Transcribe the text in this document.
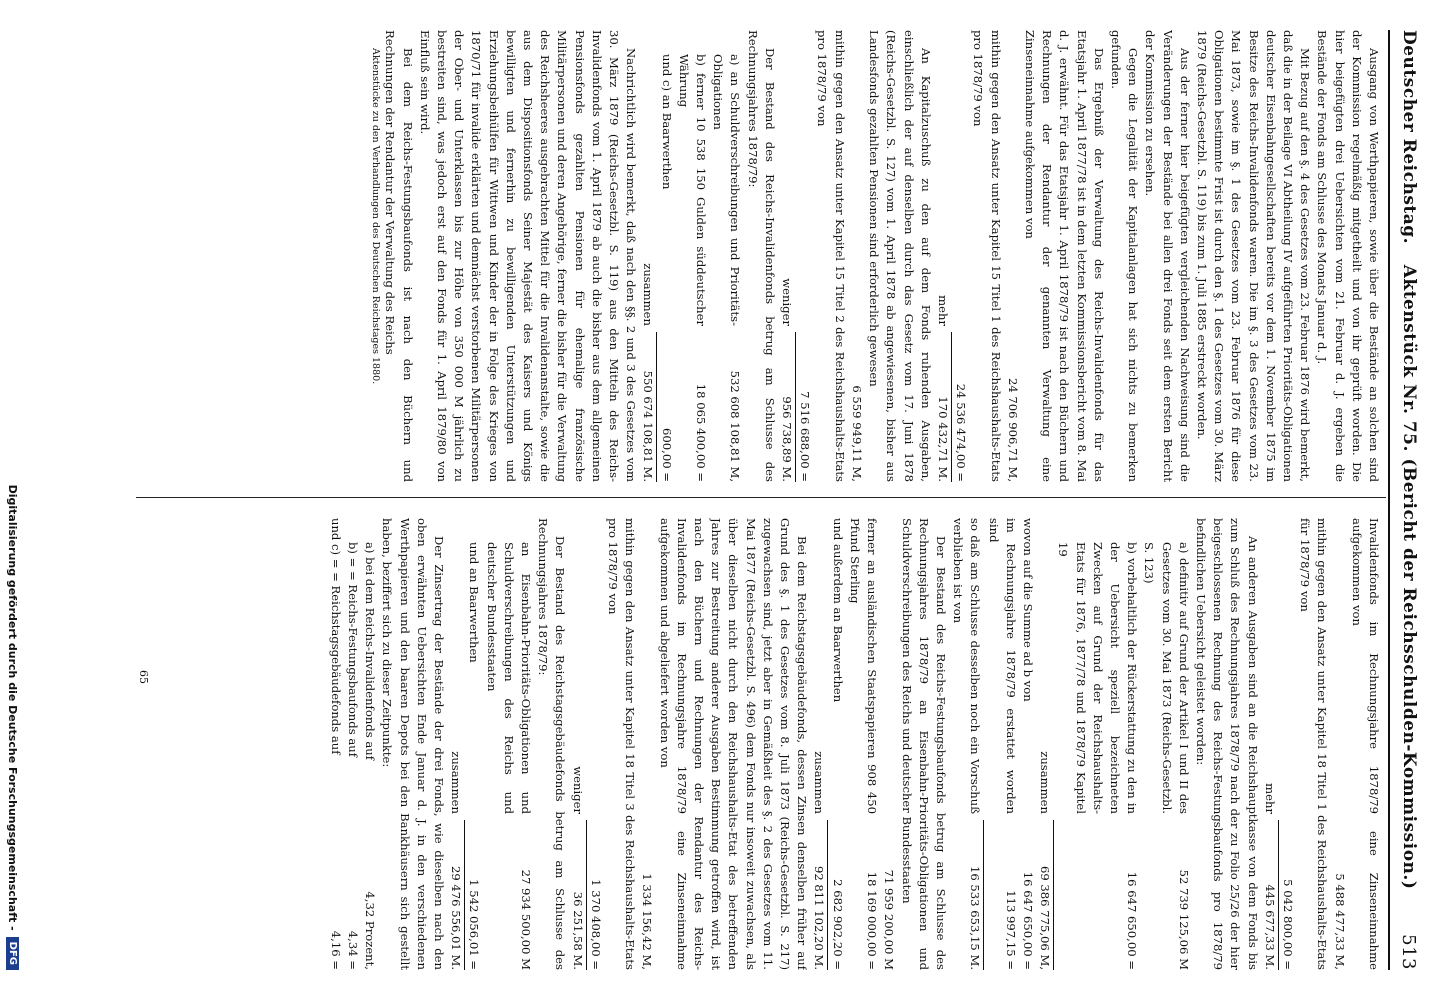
Deutscher Reichstag.
Aktenstück Nr. 75. (Bericht der Reichsschulden-Kommission.)
513

Ausgang von Werthpapieren, sowie über die Bestände an solchen sind der Kommission regelmäßig mitgetheilt und von ihr geprüft worden. Die hier beigefügten drei Uebersichten vom 21. Februar d. J. ergeben die Bestände der Fonds am Schlusse des Monats Januar d. J.

Mit Bezug auf den §. 4 des Gesetzes vom 23. Februar 1876 wird bemerkt, daß die in der Beilage VI Abtheilung IV aufgeführten Prioritäts-Obligationen deutscher Eisenbahngesellschaften bereits vor dem 1. November 1875 im Besitze des Reichs-Invalidenfonds waren. Die im §. 3 des Gesetzes vom 23. Mai 1873, sowie im §. 1 des Gesetzes vom 23. Februar 1876 für diese Obligationen bestimmte Frist ist durch den §. 1 des Gesetzes vom 30. März 1879 (Reichs-Gesetzbl. S. 119) bis zum 1. Juli 1885 erstreckt worden.

Aus der ferner hier beigefügten vergleichenden Nachweisung sind die Veränderungen der Bestände bei allen drei Fonds seit dem ersten Bericht der Kommission zu ersehen.

Gegen die Legalität der Kapitalanlagen hat sich nichts zu bemerken gefunden.

Das Ergebniß der Verwaltung des Reichs-Invalidenfonds für das Etatsjahr 1. April 1877/78 ist in dem letzten Kommissionsbericht vom 8. Mai d. J. erwähnt. Für das Etatsjahr 1. April 1878/79 ist nach den Büchern und Rechnungen der Rendantur der genannten Verwaltung eine Zinseneinnahme aufgekommen von

24 706 906,71 M,

mithin gegen den Ansatz unter Kapitel 15 Titel 1 des Reichshaushalts-Etats pro 1878/79 von

24 536 474,00 =
mehr
170 432,71 M.

An Kapitalzuschuß zu den auf dem Fonds ruhenden Ausgaben, einschließlich der auf denselben durch das Gesetz vom 17. Juni 1878 (Reichs-Gesetzbl. S. 127) vom 1. April 1878 ab angewiesenen, bisher aus Landesfonds gezahlten Pensionen sind erforderlich gewesen

6 559 949,11 M,

mithin gegen den Ansatz unter Kapitel 15 Titel 2 des Reichshaushalts-Etats pro 1878/79 von

7 516 688,00 =
weniger
956 738,89 M.

Der Bestand des Reichs-Invalidenfonds betrug am Schlusse des Rechnungsjahres 1878/79:

a) an Schuldverschreibungen und Prioritäts-Obligationen
532 608 108,81 M,
b) ferner 10 538 150 Gulden süddeutscher Währung
18 065 400,00 =
und c) an Baarwerthen
600,00 =
zusammen
550 674 108,81 M.

Nachrichtlich wird bemerkt, daß nach den §§. 2 und 3 des Gesetzes vom 30. März 1879 (Reichs-Gesetzbl. S. 119) aus den Mitteln des Reichs-Invalidenfonds vom 1. April 1879 ab auch die bisher aus dem allgemeinen Pensionsfonds gezahlten Pensionen für ehemalige französische Militärpersonen und deren Angehörige, ferner die bisher für die Verwaltung des Reichsheeres ausgebrachten Mittel für die Invalidenanstalte, sowie die aus dem Dispositionsfonds Seiner Majestät des Kaisers und Königs bewilligten und fernerhin zu bewilligenden Unterstützungen und Erziehungsbeihülfen für Wittwen und Kinder der in Folge des Krieges von 1870/71 für invalide erklärten und demnächst verstorbenen Militärpersonen der Ober- und Unterklassen bis zur Höhe von 350 000 M jährlich zu bestreiten sind, was jedoch erst auf den Fonds für 1. April 1879/80 von Einfluß sein wird.

Bei dem Reichs-Festungsbaufonds ist nach den Büchern und Rechnungen der Rendantur der Verwaltung des Reichs

Aktenstücke zu den Verhandlungen des Deutschen Reichstages 1880.

Invalidenfonds im Rechnungsjahre 1878/79 eine Zinseneinnahme aufgekommen von

5 488 477,33 M,

mithin gegen den Ansatz unter Kapitel 18 Titel 1 des Reichshaushalts-Etats für 1878/79 von

5 042 800,00 =
mehr
445 677,33 M.

An anderen Ausgaben sind an die Reichshauptkasse von dem Fonds bis zum Schluß des Rechnungsjahres 1878/79 nach der zu Folio 25/26 der hier beigeschlossenen Rechnung des Reichs-Festungsbaufonds pro 1878/79 befindlichen Uebersicht geleistet worden:

a) definitiv auf Grund der Artikel I und II des Gesetzes vom 30. Mai 1873 (Reichs-Gesetzbl. S. 123)
52 739 125,06 M
b) vorbehaltlich der Rückerstattung zu den in der Uebersicht speziell bezeichneten Zwecken auf Grund der Reichshaushalts-Etats für 1876, 1877/78 und 1878/79 Kapitel 19
16 647 650,00 =
zusammen
69 386 775,06 M,
wovon auf die Summe ad b von
16 647 650,00 =
im Rechnungsjahre 1878/79 erstattet worden sind
113 997,15 =
so daß am Schlusse desselben noch ein Vorschuß verblieben ist von
16 533 653,15 M.

Der Bestand des Reichs-Festungsbaufonds betrug am Schlusse des Rechnungsjahres 1878/79 an Eisenbahn-Prioritäts-Obligationen und Schuldverschreibungen des Reichs und deutscher Bundesstaaten

71 959 200,00 M
ferner an ausländischen Staatspapieren 908 450 Pfund Sterling
18 169 000,00 =
und außerdem an Baarwerthen
2 682 902,20 =
zusammen
92 811 102,20 M.

Bei dem Reichstagsgebäudefonds, dessen Zinsen denselben früher auf Grund des §. 1 des Gesetzes vom 8. Juli 1873 (Reichs-Gesetzbl. S. 217) zugewachsen sind, jetzt aber in Gemäßheit des §. 2 des Gesetzes vom 11. Mai 1877 (Reichs-Gesetzbl. S. 496) dem Fonds nur insoweit zuwachsen, als über dieselben nicht durch den Reichshaushalts-Etat des betreffenden Jahres zur Bestreitung anderer Ausgaben Bestimmung getroffen wird, ist nach den Büchern und Rechnungen der Rendantur des Reichs-Invalidenfonds im Rechnungsjahre 1878/79 eine Zinseneinnahme aufgekommen und abgeliefert worden von

1 334 156,42 M,

mithin gegen den Ansatz unter Kapitel 18 Titel 3 des Reichshaushalts-Etats pro 1878/79 von

1 370 408,00 =
weniger
36 251,58 M.

Der Bestand des Reichstagsgebäudefonds betrug am Schlusse des Rechnungsjahres 1878/79:

an Eisenbahn-Prioritäts-Obligationen und Schuldverschreibungen des Reichs und deutscher Bundesstaaten
27 934 500,00 M
und an Baarwerthen
1 542 056,01 =
zusammen
29 476 556,01 M.

Der Zinsertrag der Bestände der drei Fonds, wie dieselben nach den oben erwähnten Uebersichten Ende Januar d. J. in den verschiedenen Werthpapieren und den baaren Depots bei den Bankhäusern sich gestellt haben, beziffert sich zu dieser Zeitpunkte:

a) bei dem Reichs-Invalidenfonds auf
4,32 Prozent,
b) = = Reichs-Festungsbaufonds auf
4,34 =
und c) = = Reichstagsgebäudefonds auf
4,16 =
65
Digitalisierung gefördert durch die Deutsche Forschungsgemeinschaft -
DFG
